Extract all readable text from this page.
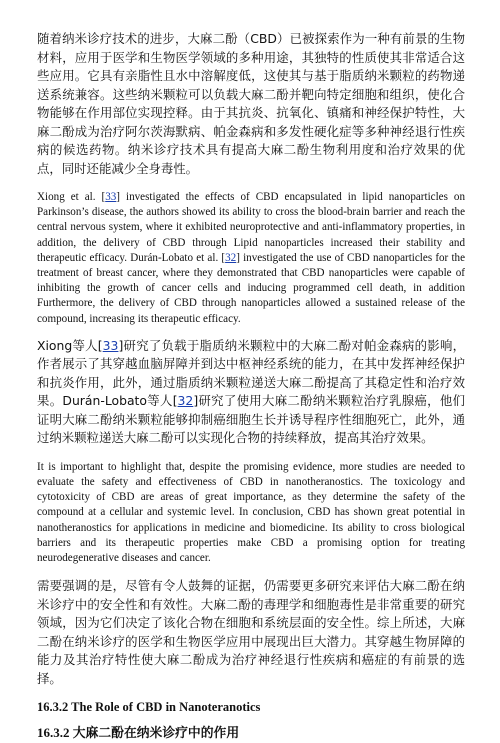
随着纳米诊疗技术的进步，大麻二酚（CBD）已被探索作为一种有前景的生物材料，应用于医学和生物医学领域的多种用途，其独特的性质使其非常适合这些应用。它具有亲脂性且水中溶解度低，这使其与基于脂质纳米颗粒的药物递送系统兼容。这些纳米颗粒可以负载大麻二酚并靶向特定细胞和组织，使化合物能够在作用部位实现控释。由于其抗炎、抗氧化、镇痛和神经保护特性，大麻二酚成为治疗阿尔茨海默病、帕金森病和多发性硬化症等多种神经退行性疾病的候选药物。纳米诊疗技术具有提高大麻二酚生物利用度和治疗效果的优点，同时还能减少全身毒性。

Xiong et al. [33] investigated the effects of CBD encapsulated in lipid nanoparticles on Parkinson’s disease, the authors showed its ability to cross the blood-brain barrier and reach the central nervous system, where it exhibited neuroprotective and anti-inflammatory properties, in addition, the delivery of CBD through Lipid nanoparticles increased their stability and therapeutic efficacy. Durán-Lobato et al. [32] investigated the use of CBD nanoparticles for the treatment of breast cancer, where they demonstrated that CBD nanoparticles were capable of inhibiting the growth of cancer cells and inducing programmed cell death, in addition Furthermore, the delivery of CBD through nanoparticles allowed a sustained release of the compound, increasing its therapeutic efficacy.

Xiong等人[33]研究了负载于脂质纳米颗粒中的大麻二酚对帕金森病的影响，作者展示了其穿越血脑屏障并到达中枢神经系统的能力，在其中发挥神经保护和抗炎作用，此外，通过脂质纳米颗粒递送大麻二酚提高了其稳定性和治疗效果。Durán-Lobato等人[32]研究了使用大麻二酚纳米颗粒治疗乳腺癌，他们证明大麻二酚纳米颗粒能够抑制癌细胞生长并诱导程序性细胞死亡，此外，通过纳米颗粒递送大麻二酚可以实现化合物的持续释放，提高其治疗效果。

It is important to highlight that, despite the promising evidence, more studies are needed to evaluate the safety and effectiveness of CBD in nanotheranostics. The toxicology and cytotoxicity of CBD are areas of great importance, as they determine the safety of the compound at a cellular and systemic level. In conclusion, CBD has shown great potential in nanotheranostics for applications in medicine and biomedicine. Its ability to cross biological barriers and its therapeutic properties make CBD a promising option for treating neurodegenerative diseases and cancer.

需要强调的是，尽管有令人鼓舞的证据，仍需要更多研究来评估大麻二酚在纳米诊疗中的安全性和有效性。大麻二酚的毒理学和细胞毒性是非常重要的研究领域，因为它们决定了该化合物在细胞和系统层面的安全性。综上所述，大麻二酚在纳米诊疗的医学和生物医学应用中展现出巨大潜力。其穿越生物屏障的能力及其治疗特性使大麻二酚成为治疗神经退行性疾病和癌症的有前景的选择。

16.3.2 The Role of CBD in Nanoteranotics

16.3.2 大麻二酚在纳米诊疗中的作用
